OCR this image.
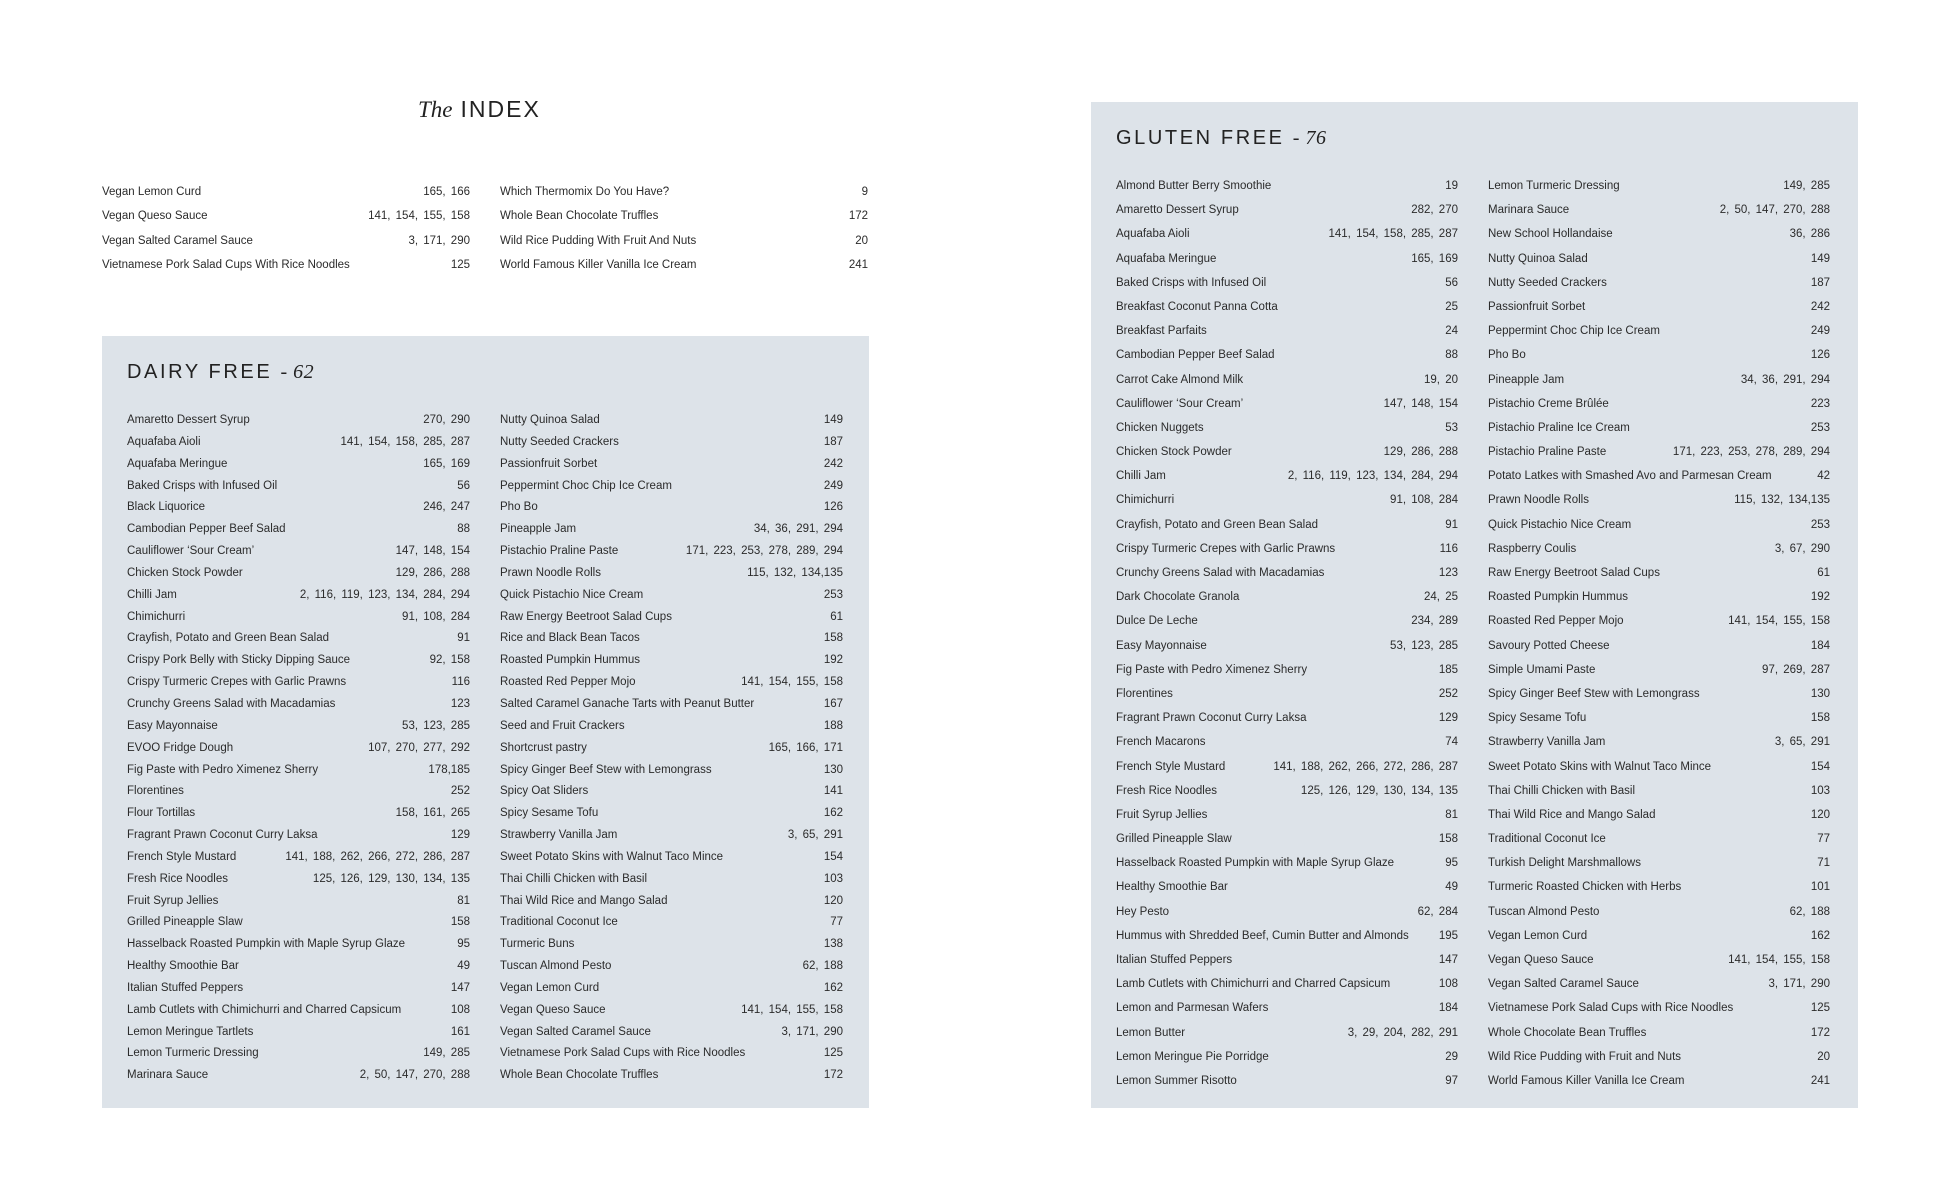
The INDEX
Vegan Lemon Curd	165, 166
Vegan Queso Sauce	141, 154, 155, 158
Vegan Salted Caramel Sauce	3, 171, 290
Vietnamese Pork Salad Cups With Rice Noodles	125
Which Thermomix Do You Have?	9
Whole Bean Chocolate Truffles	172
Wild Rice Pudding With Fruit And Nuts	20
World Famous Killer Vanilla Ice Cream	241
DAIRY FREE - 62
Amaretto Dessert Syrup	270, 290
Aquafaba Aioli	141, 154, 158, 285, 287
Aquafaba Meringue	165, 169
Baked Crisps with Infused Oil	56
Black Liquorice	246, 247
Cambodian Pepper Beef Salad	88
Cauliflower ‘Sour Cream’	147, 148, 154
Chicken Stock Powder	129, 286, 288
Chilli Jam	2, 116, 119, 123, 134, 284, 294
Chimichurri	91, 108, 284
Crayfish, Potato and Green Bean Salad	91
Crispy Pork Belly with Sticky Dipping Sauce	92, 158
Crispy Turmeric Crepes with Garlic Prawns	116
Crunchy Greens Salad with Macadamias	123
Easy Mayonnaise	53, 123, 285
EVOO Fridge Dough	107, 270, 277, 292
Fig Paste with Pedro Ximenez Sherry	178,185
Florentines	252
Flour Tortillas	158, 161, 265
Fragrant Prawn Coconut Curry Laksa	129
French Style Mustard	141, 188, 262, 266, 272, 286, 287
Fresh Rice Noodles	125, 126, 129, 130, 134, 135
Fruit Syrup Jellies	81
Grilled Pineapple Slaw	158
Hasselback Roasted Pumpkin with Maple Syrup Glaze	95
Healthy Smoothie Bar	49
Italian Stuffed Peppers	147
Lamb Cutlets with Chimichurri and Charred Capsicum	108
Lemon Meringue Tartlets	161
Lemon Turmeric Dressing	149, 285
Marinara Sauce	2, 50, 147, 270, 288
Nutty Quinoa Salad	149
Nutty Seeded Crackers	187
Passionfruit Sorbet	242
Peppermint Choc Chip Ice Cream	249
Pho Bo	126
Pineapple Jam	34, 36, 291, 294
Pistachio Praline Paste	171, 223, 253, 278, 289, 294
Prawn Noodle Rolls	115, 132, 134,135
Quick Pistachio Nice Cream	253
Raw Energy Beetroot Salad Cups	61
Rice and Black Bean Tacos	158
Roasted Pumpkin Hummus	192
Roasted Red Pepper Mojo	141, 154, 155, 158
Salted Caramel Ganache Tarts with Peanut Butter	167
Seed and Fruit Crackers	188
Shortcrust pastry	165, 166, 171
Spicy Ginger Beef Stew with Lemongrass	130
Spicy Oat Sliders	141
Spicy Sesame Tofu	162
Strawberry Vanilla Jam	3, 65, 291
Sweet Potato Skins with Walnut Taco Mince	154
Thai Chilli Chicken with Basil	103
Thai Wild Rice and Mango Salad	120
Traditional Coconut Ice	77
Turmeric Buns	138
Tuscan Almond Pesto	62, 188
Vegan Lemon Curd	162
Vegan Queso Sauce	141, 154, 155, 158
Vegan Salted Caramel Sauce	3, 171, 290
Vietnamese Pork Salad Cups with Rice Noodles	125
Whole Bean Chocolate Truffles	172
GLUTEN FREE - 76
Almond Butter Berry Smoothie	19
Amaretto Dessert Syrup	282, 270
Aquafaba Aioli	141, 154, 158, 285, 287
Aquafaba Meringue	165, 169
Baked Crisps with Infused Oil	56
Breakfast Coconut Panna Cotta	25
Breakfast Parfaits	24
Cambodian Pepper Beef Salad	88
Carrot Cake Almond Milk	19, 20
Cauliflower ‘Sour Cream’	147, 148, 154
Chicken Nuggets	53
Chicken Stock Powder	129, 286, 288
Chilli Jam	2, 116, 119, 123, 134, 284, 294
Chimichurri	91, 108, 284
Crayfish, Potato and Green Bean Salad	91
Crispy Turmeric Crepes with Garlic Prawns	116
Crunchy Greens Salad with Macadamias	123
Dark Chocolate Granola	24, 25
Dulce De Leche	234, 289
Easy Mayonnaise	53, 123, 285
Fig Paste with Pedro Ximenez Sherry	185
Florentines	252
Fragrant Prawn Coconut Curry Laksa	129
French Macarons	74
French Style Mustard	141, 188, 262, 266, 272, 286, 287
Fresh Rice Noodles	125, 126, 129, 130, 134, 135
Fruit Syrup Jellies	81
Grilled Pineapple Slaw	158
Hasselback Roasted Pumpkin with Maple Syrup Glaze	95
Healthy Smoothie Bar	49
Hey Pesto	62, 284
Hummus with Shredded Beef, Cumin Butter and Almonds	195
Italian Stuffed Peppers	147
Lamb Cutlets with Chimichurri and Charred Capsicum	108
Lemon and Parmesan Wafers	184
Lemon Butter	3, 29, 204, 282, 291
Lemon Meringue Pie Porridge	29
Lemon Summer Risotto	97
Lemon Turmeric Dressing	149, 285
Marinara Sauce	2, 50, 147, 270, 288
New School Hollandaise	36, 286
Nutty Quinoa Salad	149
Nutty Seeded Crackers	187
Passionfruit Sorbet	242
Peppermint Choc Chip Ice Cream	249
Pho Bo	126
Pineapple Jam	34, 36, 291, 294
Pistachio Creme Brûlée	223
Pistachio Praline Ice Cream	253
Pistachio Praline Paste	171, 223, 253, 278, 289, 294
Potato Latkes with Smashed Avo and Parmesan Cream	42
Prawn Noodle Rolls	115, 132, 134,135
Quick Pistachio Nice Cream	253
Raspberry Coulis	3, 67, 290
Raw Energy Beetroot Salad Cups	61
Roasted Pumpkin Hummus	192
Roasted Red Pepper Mojo	141, 154, 155, 158
Savoury Potted Cheese	184
Simple Umami Paste	97, 269, 287
Spicy Ginger Beef Stew with Lemongrass	130
Spicy Sesame Tofu	158
Strawberry Vanilla Jam	3, 65, 291
Sweet Potato Skins with Walnut Taco Mince	154
Thai Chilli Chicken with Basil	103
Thai Wild Rice and Mango Salad	120
Traditional Coconut Ice	77
Turkish Delight Marshmallows	71
Turmeric Roasted Chicken with Herbs	101
Tuscan Almond Pesto	62, 188
Vegan Lemon Curd	162
Vegan Queso Sauce	141, 154, 155, 158
Vegan Salted Caramel Sauce	3, 171, 290
Vietnamese Pork Salad Cups with Rice Noodles	125
Whole Chocolate Bean Truffles	172
Wild Rice Pudding with Fruit and Nuts	20
World Famous Killer Vanilla Ice Cream	241
